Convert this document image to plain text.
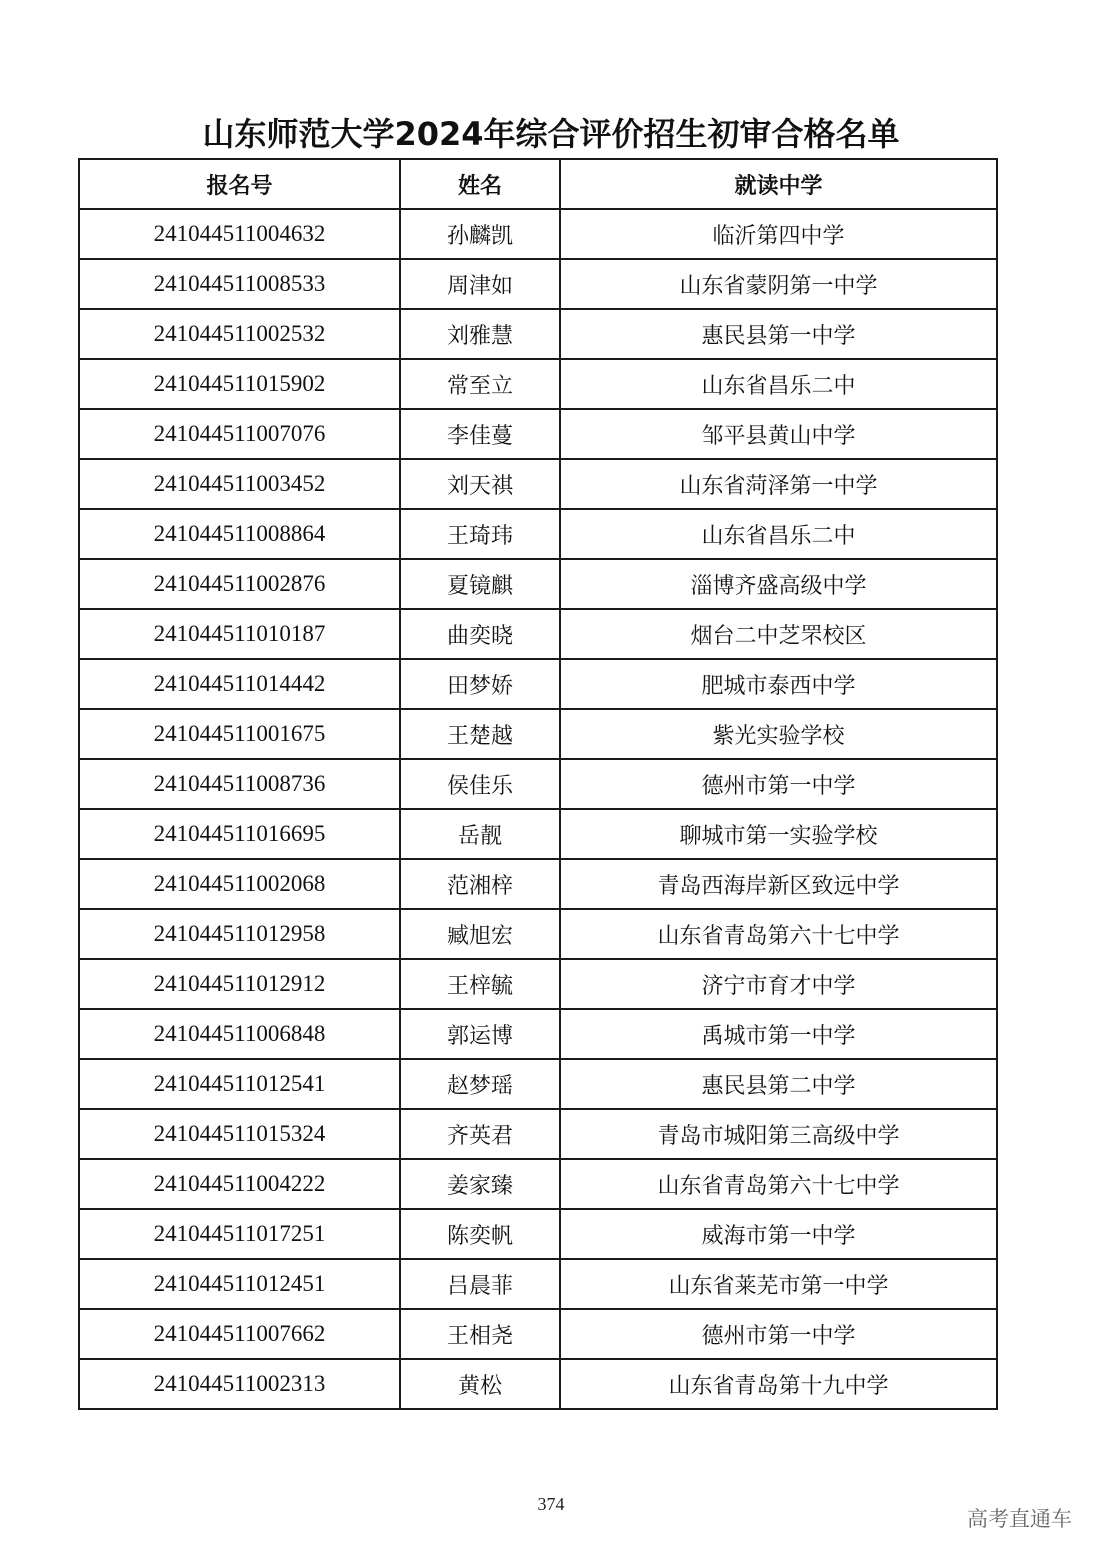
山东师范大学2024年综合评价招生初审合格名单
报名号	姓名	就读中学
241044511004632	孙麟凯	临沂第四中学
241044511008533	周津如	山东省蒙阴第一中学
241044511002532	刘雅慧	惠民县第一中学
241044511015902	常至立	山东省昌乐二中
241044511007076	李佳蔓	邹平县黄山中学
241044511003452	刘天祺	山东省菏泽第一中学
241044511008864	王琦玮	山东省昌乐二中
241044511002876	夏镜麒	淄博齐盛高级中学
241044511010187	曲奕晓	烟台二中芝罘校区
241044511014442	田梦娇	肥城市泰西中学
241044511001675	王楚越	紫光实验学校
241044511008736	侯佳乐	德州市第一中学
241044511016695	岳靓	聊城市第一实验学校
241044511002068	范湘梓	青岛西海岸新区致远中学
241044511012958	臧旭宏	山东省青岛第六十七中学
241044511012912	王梓毓	济宁市育才中学
241044511006848	郭运博	禹城市第一中学
241044511012541	赵梦瑶	惠民县第二中学
241044511015324	齐英君	青岛市城阳第三高级中学
241044511004222	姜家臻	山东省青岛第六十七中学
241044511017251	陈奕帆	威海市第一中学
241044511012451	吕晨菲	山东省莱芜市第一中学
241044511007662	王相尧	德州市第一中学
241044511002313	黄松	山东省青岛第十九中学
374
高考直通车
